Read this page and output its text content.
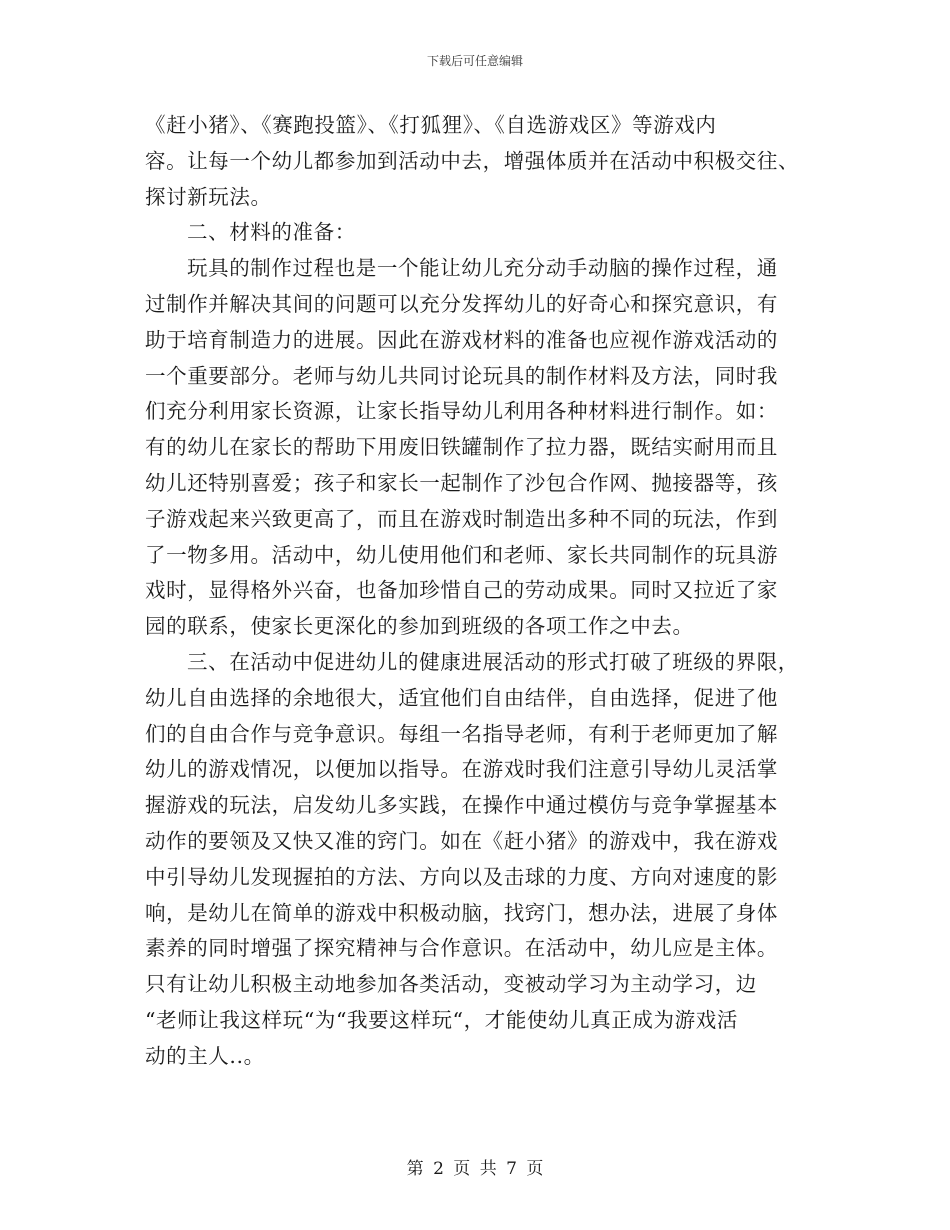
下载后可任意编辑
《赶小猪》、《赛跑投篮》、《打狐狸》、《自选游戏区》等游戏内
容。让每一个幼儿都参加到活动中去，增强体质并在活动中积极交往、
探讨新玩法。
二、材料的准备：
玩具的制作过程也是一个能让幼儿充分动手动脑的操作过程，通
过制作并解决其间的问题可以充分发挥幼儿的好奇心和探究意识，有
助于培育制造力的进展。因此在游戏材料的准备也应视作游戏活动的
一个重要部分。老师与幼儿共同讨论玩具的制作材料及方法，同时我
们充分利用家长资源，让家长指导幼儿利用各种材料进行制作。如：
有的幼儿在家长的帮助下用废旧铁罐制作了拉力器，既结实耐用而且
幼儿还特别喜爱；孩子和家长一起制作了沙包合作网、抛接器等，孩
子游戏起来兴致更高了，而且在游戏时制造出多种不同的玩法，作到
了一物多用。活动中，幼儿使用他们和老师、家长共同制作的玩具游
戏时，显得格外兴奋，也备加珍惜自己的劳动成果。同时又拉近了家
园的联系，使家长更深化的参加到班级的各项工作之中去。
三、在活动中促进幼儿的健康进展活动的形式打破了班级的界限，
幼儿自由选择的余地很大，适宜他们自由结伴，自由选择，促进了他
们的自由合作与竞争意识。每组一名指导老师，有利于老师更加了解
幼儿的游戏情况，以便加以指导。在游戏时我们注意引导幼儿灵活掌
握游戏的玩法，启发幼儿多实践，在操作中通过模仿与竞争掌握基本
动作的要领及又快又准的窍门。如在《赶小猪》的游戏中，我在游戏
中引导幼儿发现握拍的方法、方向以及击球的力度、方向对速度的影
响，是幼儿在简单的游戏中积极动脑，找窍门，想办法，进展了身体
素养的同时增强了探究精神与合作意识。在活动中，幼儿应是主体。
只有让幼儿积极主动地参加各类活动，变被动学习为主动学习，边
“老师让我这样玩“为“我要这样玩“，才能使幼儿真正成为游戏活
动的主人..。
第 2 页 共 7 页
